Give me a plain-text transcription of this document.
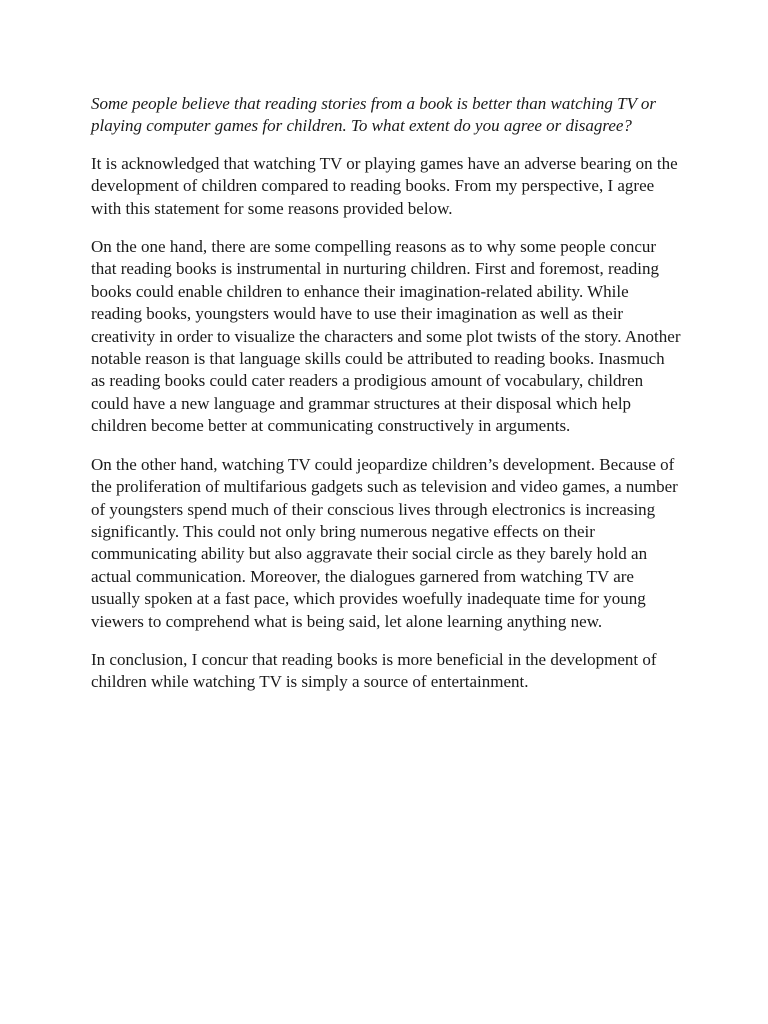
Some people believe that reading stories from a book is better than watching TV or playing computer games for children. To what extent do you agree or disagree?

It is acknowledged that watching TV or playing games have an adverse bearing on the development of children compared to reading books. From my perspective, I agree with this statement for some reasons provided below.

On the one hand, there are some compelling reasons as to why some people concur that reading books is instrumental in nurturing children. First and foremost, reading books could enable children to enhance their imagination-related ability. While reading books, youngsters would have to use their imagination as well as their creativity in order to visualize the characters and some plot twists of the story. Another notable reason is that language skills could be attributed to reading books. Inasmuch as reading books could cater readers a prodigious amount of vocabulary, children could have a new language and grammar structures at their disposal which help children become better at communicating constructively in arguments.

On the other hand, watching TV could jeopardize children’s development. Because of the proliferation of multifarious gadgets such as television and video games, a number of youngsters spend much of their conscious lives through electronics is increasing significantly. This could not only bring numerous negative effects on their communicating ability but also aggravate their social circle as they barely hold an actual communication. Moreover, the dialogues garnered from watching TV are usually spoken at a fast pace, which provides woefully inadequate time for young viewers to comprehend what is being said, let alone learning anything new.

In conclusion, I concur that reading books is more beneficial in the development of children while watching TV is simply a source of entertainment.
